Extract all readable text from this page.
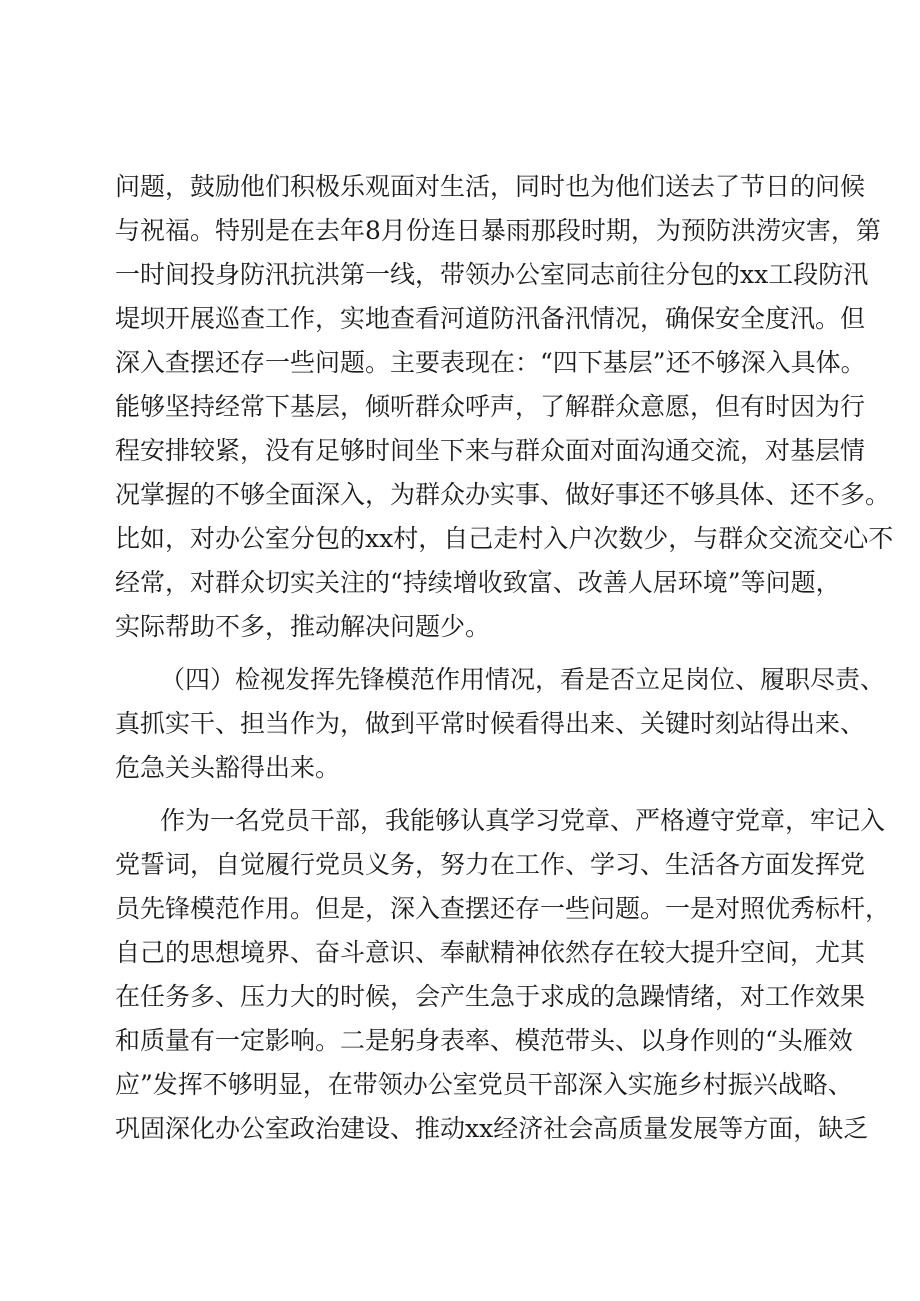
问题，鼓励他们积极乐观面对生活，同时也为他们送去了节日的问候
与祝福。特别是在去年8月份连日暴雨那段时期，为预防洪涝灾害，第
一时间投身防汛抗洪第一线，带领办公室同志前往分包的xx工段防汛
堤坝开展巡查工作，实地查看河道防汛备汛情况，确保安全度汛。但
深入查摆还存一些问题。主要表现在：“四下基层”还不够深入具体。
能够坚持经常下基层，倾听群众呼声，了解群众意愿，但有时因为行
程安排较紧，没有足够时间坐下来与群众面对面沟通交流，对基层情
况掌握的不够全面深入，为群众办实事、做好事还不够具体、还不多。
比如，对办公室分包的xx村，自己走村入户次数少，与群众交流交心不
经常，对群众切实关注的“持续增收致富、改善人居环境”等问题，
实际帮助不多，推动解决问题少。
（四）检视发挥先锋模范作用情况，看是否立足岗位、履职尽责、
真抓实干、担当作为，做到平常时候看得出来、关键时刻站得出来、
危急关头豁得出来。
作为一名党员干部，我能够认真学习党章、严格遵守党章，牢记入
党誓词，自觉履行党员义务，努力在工作、学习、生活各方面发挥党
员先锋模范作用。但是，深入查摆还存一些问题。一是对照优秀标杆，
自己的思想境界、奋斗意识、奉献精神依然存在较大提升空间，尤其
在任务多、压力大的时候，会产生急于求成的急躁情绪，对工作效果
和质量有一定影响。二是躬身表率、模范带头、以身作则的“头雁效
应”发挥不够明显，在带领办公室党员干部深入实施乡村振兴战略、
巩固深化办公室政治建设、推动xx经济社会高质量发展等方面，缺乏
